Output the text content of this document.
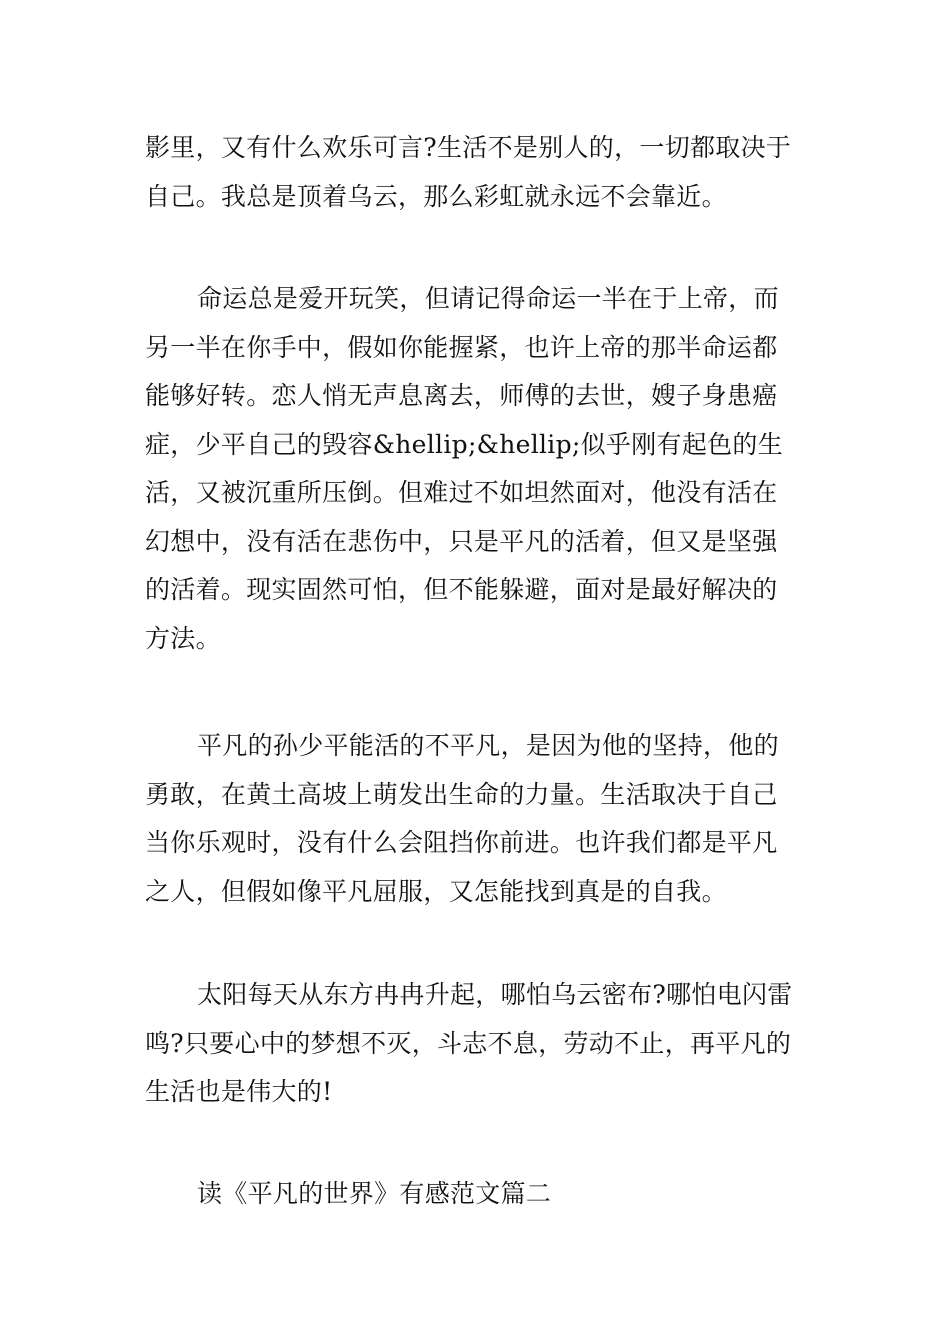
影里，又有什么欢乐可言?生活不是别人的，一切都取决于
自己。我总是顶着乌云，那么彩虹就永远不会靠近。
命运总是爱开玩笑，但请记得命运一半在于上帝，而
另一半在你手中，假如你能握紧，也许上帝的那半命运都
能够好转。恋人悄无声息离去，师傅的去世，嫂子身患癌
症，少平自己的毁容&hellip;&hellip;似乎刚有起色的生
活，又被沉重所压倒。但难过不如坦然面对，他没有活在
幻想中，没有活在悲伤中，只是平凡的活着，但又是坚强
的活着。现实固然可怕，但不能躲避，面对是最好解决的
方法。
平凡的孙少平能活的不平凡，是因为他的坚持，他的
勇敢，在黄土高坡上萌发出生命的力量。生活取决于自己
当你乐观时，没有什么会阻挡你前进。也许我们都是平凡
之人，但假如像平凡屈服，又怎能找到真是的自我。
太阳每天从东方冉冉升起，哪怕乌云密布?哪怕电闪雷
鸣?只要心中的梦想不灭，斗志不息，劳动不止，再平凡的
生活也是伟大的!
读《平凡的世界》有感范文篇二
